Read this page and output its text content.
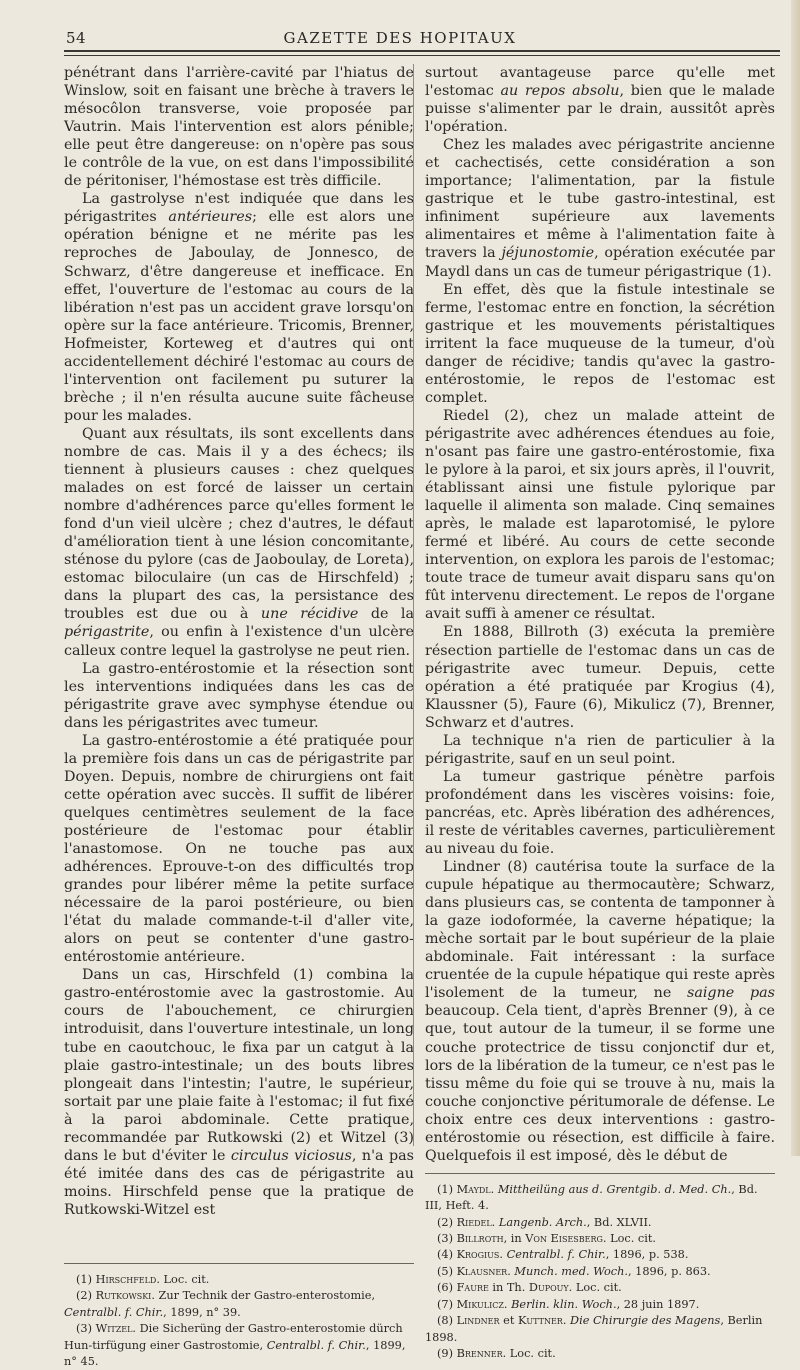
54	GAZETTE DES HOPITAUX

pénétrant dans l'arrière-cavité par l'hiatus de Winslow, soit en faisant une brèche à travers le mésocôlon transverse, voie proposée par Vautrin. Mais l'intervention est alors pénible; elle peut être dangereuse: on n'opère pas sous le contrôle de la vue, on est dans l'impossibilité de péritoniser, l'hémostase est très difficile.

La gastrolyse n'est indiquée que dans les périgastrites antérieures; elle est alors une opération bénigne et ne mérite pas les reproches de Jaboulay, de Jonnesco, de Schwarz, d'être dangereuse et inefficace. En effet, l'ouverture de l'estomac au cours de la libération n'est pas un accident grave lorsqu'on opère sur la face antérieure. Tricomis, Brenner, Hofmeister, Korteweg et d'autres qui ont accidentellement déchiré l'estomac au cours de l'intervention ont facilement pu suturer la brèche ; il n'en résulta aucune suite fâcheuse pour les malades.

Quant aux résultats, ils sont excellents dans nombre de cas. Mais il y a des échecs; ils tiennent à plusieurs causes : chez quelques malades on est forcé de laisser un certain nombre d'adhérences parce qu'elles forment le fond d'un vieil ulcère ; chez d'autres, le défaut d'amélioration tient à une lésion concomitante, sténose du pylore (cas de Jaoboulay, de Loreta), estomac biloculaire (un cas de Hirschfeld) ; dans la plupart des cas, la persistance des troubles est due ou à une récidive de la périgastrite, ou enfin à l'existence d'un ulcère calleux contre lequel la gastrolyse ne peut rien.

La gastro-entérostomie et la résection sont les interventions indiquées dans les cas de périgastrite grave avec symphyse étendue ou dans les périgastrites avec tumeur.

La gastro-entérostomie a été pratiquée pour la première fois dans un cas de périgastrite par Doyen. Depuis, nombre de chirurgiens ont fait cette opération avec succès. Il suffit de libérer quelques centimètres seulement de la face postérieure de l'estomac pour établir l'anastomose. On ne touche pas aux adhérences. Eprouve-t-on des difficultés trop grandes pour libérer même la petite surface nécessaire de la paroi postérieure, ou bien l'état du malade commande-t-il d'aller vite, alors on peut se contenter d'une gastro-entérostomie antérieure.

Dans un cas, Hirschfeld (1) combina la gastro-entérostomie avec la gastrostomie. Au cours de l'abouchement, ce chirurgien introduisit, dans l'ouverture intestinale, un long tube en caoutchouc, le fixa par un catgut à la plaie gastro-intestinale; un des bouts libres plongeait dans l'intestin; l'autre, le supérieur, sortait par une plaie faite à l'estomac; il fut fixé à la paroi abdominale. Cette pratique, recommandée par Rutkowski (2) et Witzel (3) dans le but d'éviter le circulus viciosus, n'a pas été imitée dans des cas de périgastrite au moins. Hirschfeld pense que la pratique de Rutkowski-Witzel est

(1) Hirschfeld. Loc. cit.

(2) Rutkowski. Zur Technik der Gastro-enterostomie, Centralbl. f. Chir., 1899, n° 39.

(3) Witzel. Die Sicherüng der Gastro-enterostomie dürch Hun-tirfügung einer Gastrostomie, Centralbl. f. Chir., 1899, n° 45.

surtout avantageuse parce qu'elle met l'estomac au repos absolu, bien que le malade puisse s'alimenter par le drain, aussitôt après l'opération.

Chez les malades avec périgastrite ancienne et cachectisés, cette considération a son importance; l'alimentation, par la fistule gastrique et le tube gastro-intestinal, est infiniment supérieure aux lavements alimentaires et même à l'alimentation faite à travers la jéjunostomie, opération exécutée par Maydl dans un cas de tumeur périgastrique (1).

En effet, dès que la fistule intestinale se ferme, l'estomac entre en fonction, la sécrétion gastrique et les mouvements péristaltiques irritent la face muqueuse de la tumeur, d'où danger de récidive; tandis qu'avec la gastro-entérostomie, le repos de l'estomac est complet.

Riedel (2), chez un malade atteint de périgastrite avec adhérences étendues au foie, n'osant pas faire une gastro-entérostomie, fixa le pylore à la paroi, et six jours après, il l'ouvrit, établissant ainsi une fistule pylorique par laquelle il alimenta son malade. Cinq semaines après, le malade est laparotomisé, le pylore fermé et libéré. Au cours de cette seconde intervention, on explora les parois de l'estomac; toute trace de tumeur avait disparu sans qu'on fût intervenu directement. Le repos de l'organe avait suffi à amener ce résultat.

En 1888, Billroth (3) exécuta la première résection partielle de l'estomac dans un cas de périgastrite avec tumeur. Depuis, cette opération a été pratiquée par Krogius (4), Klaussner (5), Faure (6), Mikulicz (7), Brenner, Schwarz et d'autres.

La technique n'a rien de particulier à la périgastrite, sauf en un seul point.

La tumeur gastrique pénètre parfois profondément dans les viscères voisins: foie, pancréas, etc. Après libération des adhérences, il reste de véritables cavernes, particulièrement au niveau du foie.

Lindner (8) cautérisa toute la surface de la cupule hépatique au thermocautère; Schwarz, dans plusieurs cas, se contenta de tamponner à la gaze iodoformée, la caverne hépatique; la mèche sortait par le bout supérieur de la plaie abdominale. Fait intéressant : la surface cruentée de la cupule hépatique qui reste après l'isolement de la tumeur, ne saigne pas beaucoup. Cela tient, d'après Brenner (9), à ce que, tout autour de la tumeur, il se forme une couche protectrice de tissu conjonctif dur et, lors de la libération de la tumeur, ce n'est pas le tissu même du foie qui se trouve à nu, mais la couche conjonctive péritumorale de défense. Le choix entre ces deux interventions : gastro-entérostomie ou résection, est difficile à faire. Quelquefois il est imposé, dès le début de

(1) Maydl. Mittheilüng aus d. Grentgib. d. Med. Ch., Bd. III, Heft. 4.

(2) Riedel. Langenb. Arch., Bd. XLVII.

(3) Billroth, in Von Eisesberg. Loc. cit.

(4) Krogius. Centralbl. f. Chir., 1896, p. 538.

(5) Klausner. Munch. med. Woch., 1896, p. 863.

(6) Faure in Th. Dupouy. Loc. cit.

(7) Mikulicz. Berlin. klin. Woch., 28 juin 1897.

(8) Lindner et Kuttner. Die Chirurgie des Magens, Berlin 1898.

(9) Brenner. Loc. cit.
